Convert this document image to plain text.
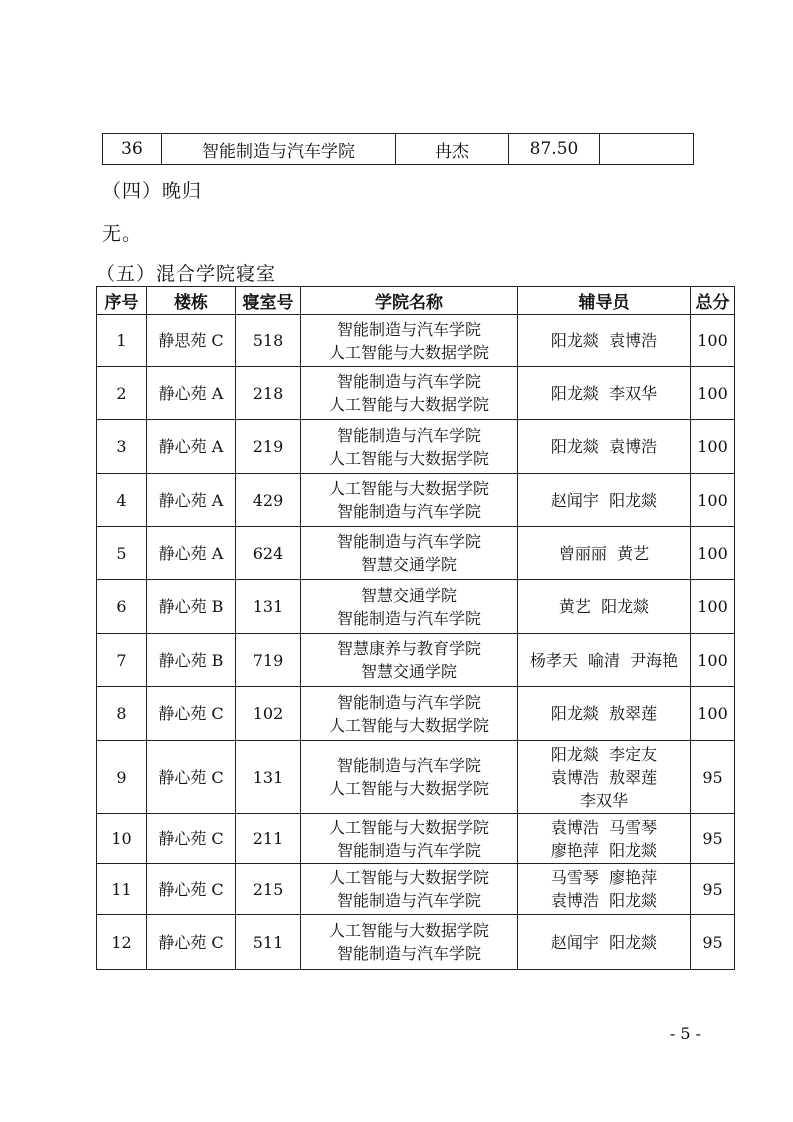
36	智能制造与汽车学院	冉杰	87.50	
（四）晚归
无。
（五）混合学院寝室
序号	楼栋	寝室号	学院名称	辅导员	总分
1	静思苑 C	518	智能制造与汽车学院
人工智能与大数据学院	阳龙燚  袁博浩	100
2	静心苑 A	218	智能制造与汽车学院
人工智能与大数据学院	阳龙燚  李双华	100
3	静心苑 A	219	智能制造与汽车学院
人工智能与大数据学院	阳龙燚  袁博浩	100
4	静心苑 A	429	人工智能与大数据学院
智能制造与汽车学院	赵闻宇  阳龙燚	100
5	静心苑 A	624	智能制造与汽车学院
智慧交通学院	曾丽丽  黄艺	100
6	静心苑 B	131	智慧交通学院
智能制造与汽车学院	黄艺  阳龙燚	100
7	静心苑 B	719	智慧康养与教育学院
智慧交通学院	杨孝天  喻清  尹海艳	100
8	静心苑 C	102	智能制造与汽车学院
人工智能与大数据学院	阳龙燚  敖翠莲	100
9	静心苑 C	131	智能制造与汽车学院
人工智能与大数据学院	阳龙燚  李定友
袁博浩  敖翠莲
李双华	95
10	静心苑 C	211	人工智能与大数据学院
智能制造与汽车学院	袁博浩  马雪琴
廖艳萍  阳龙燚	95
11	静心苑 C	215	人工智能与大数据学院
智能制造与汽车学院	马雪琴  廖艳萍
袁博浩  阳龙燚	95
12	静心苑 C	511	人工智能与大数据学院
智能制造与汽车学院	赵闻宇  阳龙燚	95
- 5 -
